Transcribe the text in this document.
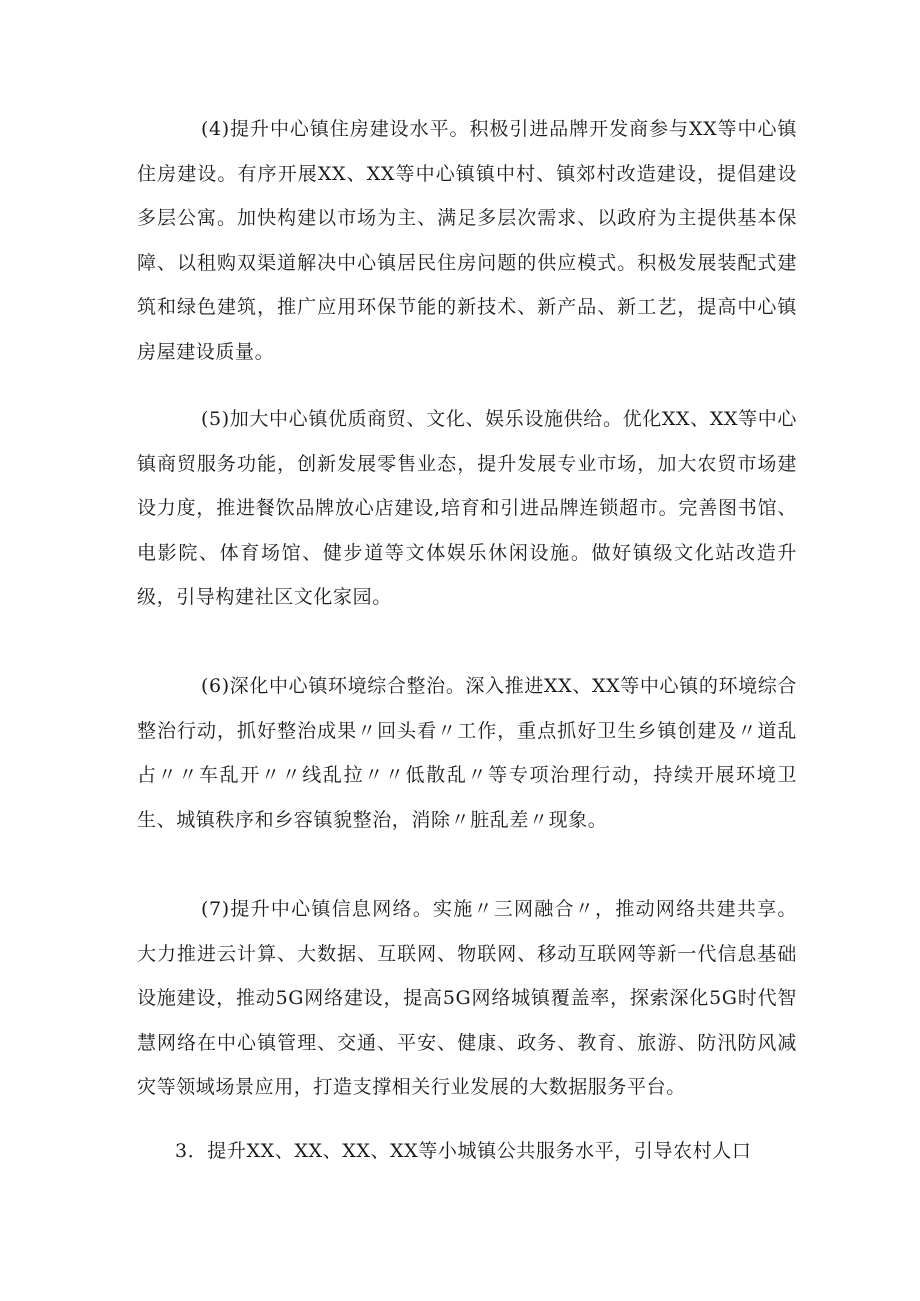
(4)提升中心镇住房建设水平。积极引进品牌开发商参与XX等中心镇住房建设。有序开展XX、XX等中心镇镇中村、镇郊村改造建设，提倡建设多层公寓。加快构建以市场为主、满足多层次需求、以政府为主提供基本保障、以租购双渠道解决中心镇居民住房问题的供应模式。积极发展装配式建筑和绿色建筑，推广应用环保节能的新技术、新产品、新工艺，提高中心镇房屋建设质量。

(5)加大中心镇优质商贸、文化、娱乐设施供给。优化XX、XX等中心镇商贸服务功能，创新发展零售业态，提升发展专业市场，加大农贸市场建设力度，推进餐饮品牌放心店建设,培育和引进品牌连锁超市。完善图书馆、电影院、体育场馆、健步道等文体娱乐休闲设施。做好镇级文化站改造升级，引导构建社区文化家园。

(6)深化中心镇环境综合整治。深入推进XX、XX等中心镇的环境综合整治行动，抓好整治成果〃回头看〃工作，重点抓好卫生乡镇创建及〃道乱占〃〃车乱开〃〃线乱拉〃〃低散乱〃等专项治理行动，持续开展环境卫生、城镇秩序和乡容镇貌整治，消除〃脏乱差〃现象。

(7)提升中心镇信息网络。实施〃三网融合〃，推动网络共建共享。大力推进云计算、大数据、互联网、物联网、移动互联网等新一代信息基础设施建设，推动5G网络建设，提高5G网络城镇覆盖率，探索深化5G时代智慧网络在中心镇管理、交通、平安、健康、政务、教育、旅游、防汛防风减灾等领域场景应用，打造支撑相关行业发展的大数据服务平台。

3．提升XX、XX、XX、XX等小城镇公共服务水平，引导农村人口
